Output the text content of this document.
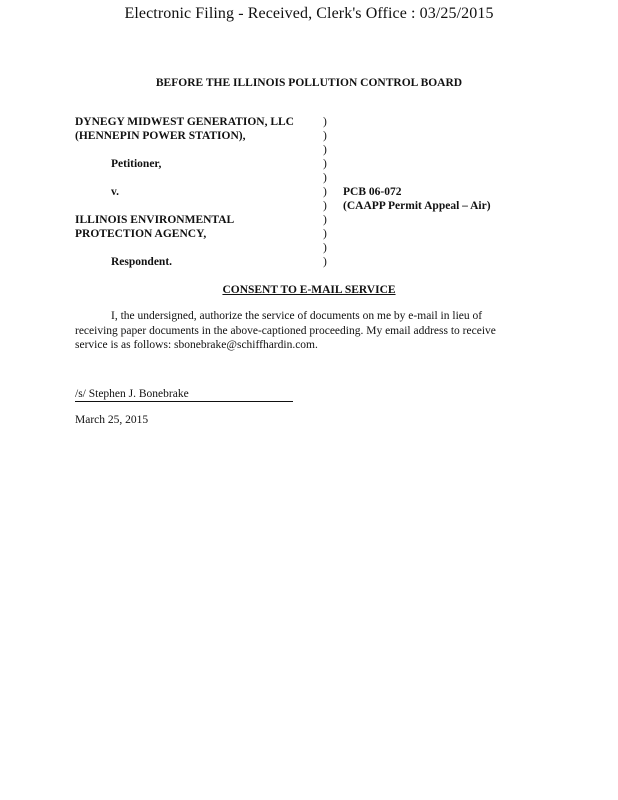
Electronic Filing - Received, Clerk's Office : 03/25/2015
BEFORE THE ILLINOIS POLLUTION CONTROL BOARD
DYNEGY MIDWEST GENERATION, LLC
(HENNEPIN POWER STATION),
Petitioner,
v.
ILLINOIS ENVIRONMENTAL
PROTECTION AGENCY,
Respondent.
)
)
)
)
)
)
)
)
)
)
)
PCB 06-072
(CAAPP Permit Appeal – Air)
CONSENT TO E-MAIL SERVICE
I, the undersigned, authorize the service of documents on me by e-mail in lieu of receiving paper documents in the above-captioned proceeding. My email address to receive service is as follows: sbonebrake@schiffhardin.com.
/s/ Stephen J. Bonebrake
March 25, 2015
